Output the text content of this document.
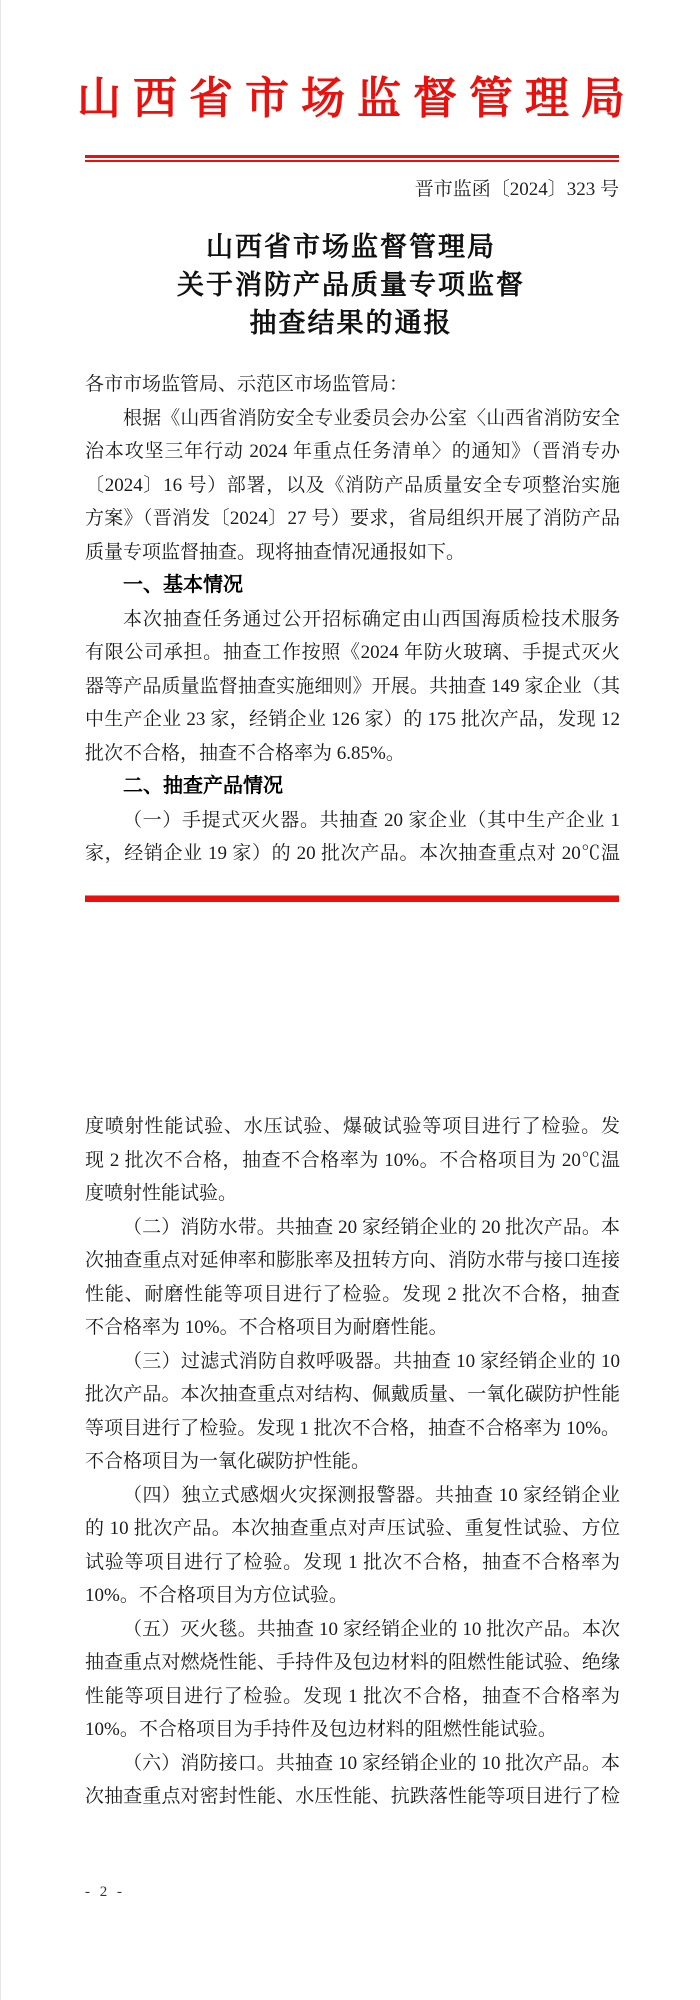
山西省市场监督管理局
晋市监函〔2024〕323 号
山西省市场监督管理局
关于消防产品质量专项监督
抽查结果的通报
各市市场监管局、示范区市场监管局：
根据《山西省消防安全专业委员会办公室〈山西省消防安全
治本攻坚三年行动 2024 年重点任务清单〉的通知》（晋消专办
〔2024〕16 号）部署，以及《消防产品质量安全专项整治实施
方案》（晋消发〔2024〕27 号）要求，省局组织开展了消防产品
质量专项监督抽查。现将抽查情况通报如下。
一、基本情况
本次抽查任务通过公开招标确定由山西国海质检技术服务
有限公司承担。抽查工作按照《2024 年防火玻璃、手提式灭火
器等产品质量监督抽查实施细则》开展。共抽查 149 家企业（其
中生产企业 23 家，经销企业 126 家）的 175 批次产品，发现 12
批次不合格，抽查不合格率为 6.85%。
二、抽查产品情况
（一）手提式灭火器。共抽查 20 家企业（其中生产企业 1
家，经销企业 19 家）的 20 批次产品。本次抽查重点对 20℃温
度喷射性能试验、水压试验、爆破试验等项目进行了检验。发
现 2 批次不合格，抽查不合格率为 10%。不合格项目为 20℃温
度喷射性能试验。
（二）消防水带。共抽查 20 家经销企业的 20 批次产品。本
次抽查重点对延伸率和膨胀率及扭转方向、消防水带与接口连接
性能、耐磨性能等项目进行了检验。发现 2 批次不合格，抽查
不合格率为 10%。不合格项目为耐磨性能。
（三）过滤式消防自救呼吸器。共抽查 10 家经销企业的 10
批次产品。本次抽查重点对结构、佩戴质量、一氧化碳防护性能
等项目进行了检验。发现 1 批次不合格，抽查不合格率为 10%。
不合格项目为一氧化碳防护性能。
（四）独立式感烟火灾探测报警器。共抽查 10 家经销企业
的 10 批次产品。本次抽查重点对声压试验、重复性试验、方位
试验等项目进行了检验。发现 1 批次不合格，抽查不合格率为
10%。不合格项目为方位试验。
（五）灭火毯。共抽查 10 家经销企业的 10 批次产品。本次
抽查重点对燃烧性能、手持件及包边材料的阻燃性能试验、绝缘
性能等项目进行了检验。发现 1 批次不合格，抽查不合格率为
10%。不合格项目为手持件及包边材料的阻燃性能试验。
（六）消防接口。共抽查 10 家经销企业的 10 批次产品。本
次抽查重点对密封性能、水压性能、抗跌落性能等项目进行了检
- 2 -
